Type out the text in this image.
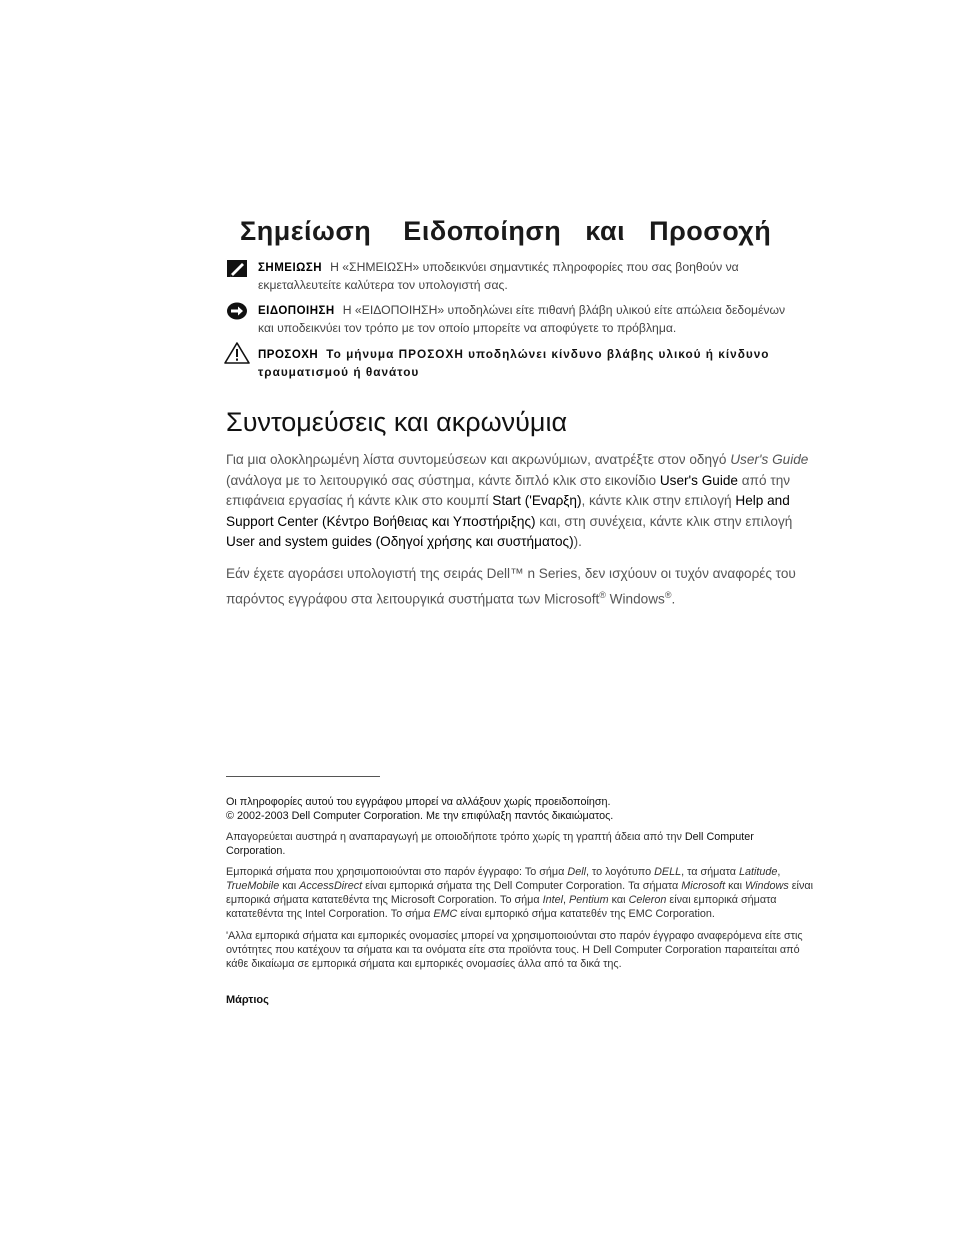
Σημείωση    Ειδοποίηση   και   Προσοχή
ΣΗΜΕΙΩΣΗ Η «ΣΗΜΕΙΩΣΗ» υποδεικνύει σημαντικές πληροφορίες που σας βοηθούν να εκμεταλλευτείτε καλύτερα τον υπολογιστή σας.
ΕΙΔΟΠΟΙΗΣΗ Η «ΕΙΔΟΠΟΙΗΣΗ» υποδηλώνει είτε πιθανή βλάβη υλικού είτε απώλεια δεδομένων και υποδεικνύει τον τρόπο με τον οποίο μπορείτε να αποφύγετε το πρόβλημα.
ΠΡΟΣΟΧΗ Το μήνυμα ΠΡΟΣΟΧΗ υποδηλώνει κίνδυνο βλάβης υλικού ή κίνδυνο τραυματισμού ή θανάτου
Συντομεύσεις και ακρωνύμια
Για μια ολοκληρωμένη λίστα συντομεύσεων και ακρωνύμιων, ανατρέξτε στον οδηγό User's Guide (ανάλογα με το λειτουργικό σας σύστημα, κάντε διπλό κλικ στο εικονίδιο User's Guide από την επιφάνεια εργασίας ή κάντε κλικ στο κουμπί Start ('Εναρξη), κάντε κλικ στην επιλογή Help and Support Center (Κέντρο Βοήθειας και Υποστήριξης) και, στη συνέχεια, κάντε κλικ στην επιλογή User and system guides (Οδηγοί χρήσης και συστήματος)).
Εάν έχετε αγοράσει υπολογιστή της σειράς Dell™ n Series, δεν ισχύουν οι τυχόν αναφορές του παρόντος εγγράφου στα λειτουργικά συστήματα των Microsoft® Windows®.
Οι πληροφορίες αυτού του εγγράφου μπορεί να αλλάξουν χωρίς προειδοποίηση.
© 2002-2003 Dell Computer Corporation. Με την επιφύλαξη παντός δικαιώματος.
Απαγορεύεται αυστηρά η αναπαραγωγή με οποιοδήποτε τρόπο χωρίς τη γραπτή άδεια από την Dell Computer Corporation.
Εμπορικά σήματα που χρησιμοποιούνται στο παρόν έγγραφο: Το σήμα Dell, το λογότυπο DELL, τα σήματα Latitude, TrueMobile και AccessDirect είναι εμπορικά σήματα της Dell Computer Corporation. Τα σήματα Microsoft και Windows είναι εμπορικά σήματα κατατεθέντα της Microsoft Corporation. Το σήμα Intel, Pentium και Celeron είναι εμπορικά σήματα κατατεθέντα της Intel Corporation. Το σήμα EMC είναι εμπορικό σήμα κατατεθέν της EMC Corporation.
'Αλλα εμπορικά σήματα και εμπορικές ονομασίες μπορεί να χρησιμοποιούνται στο παρόν έγγραφο αναφερόμενα είτε στις οντότητες που κατέχουν τα σήματα και τα ονόματα είτε στα προϊόντα τους. Η Dell Computer Corporation παραιτείται από κάθε δικαίωμα σε εμπορικά σήματα και εμπορικές ονομασίες άλλα από τα δικά της.
Μάρτιος
